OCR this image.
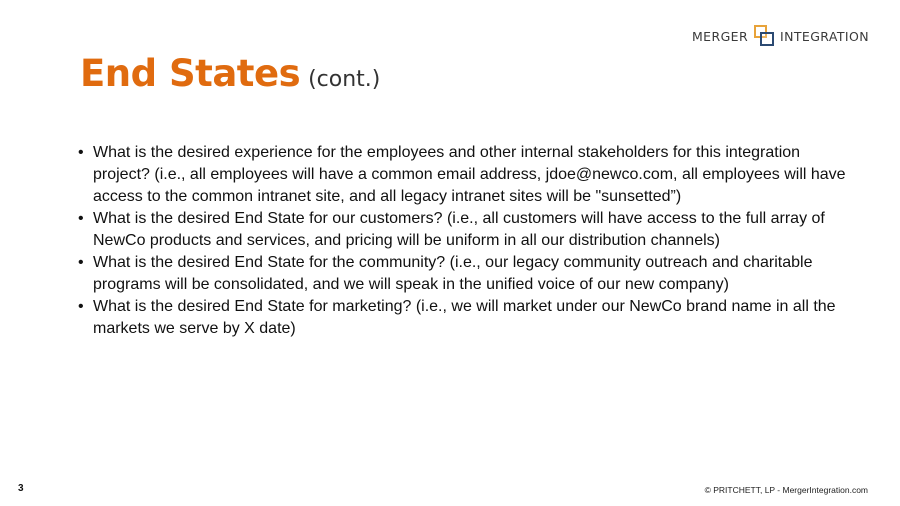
MERGER	INTEGRATION
End States (cont.)
• What is the desired experience for the employees and other internal stakeholders for this integration project? (i.e., all employees will have a common email address, jdoe@newco.com, all employees will have access to the common intranet site, and all legacy intranet sites will be "sunsetted”)
• What is the desired End State for our customers? (i.e., all customers will have access to the full array of NewCo products and services, and pricing will be uniform in all our distribution channels)
• What is the desired End State for the community? (i.e., our legacy community outreach and charitable programs will be consolidated, and we will speak in the unified voice of our new company)
• What is the desired End State for marketing? (i.e., we will market under our NewCo brand name in all the markets we serve by X date)
3	© PRITCHETT, LP - MergerIntegration.com
